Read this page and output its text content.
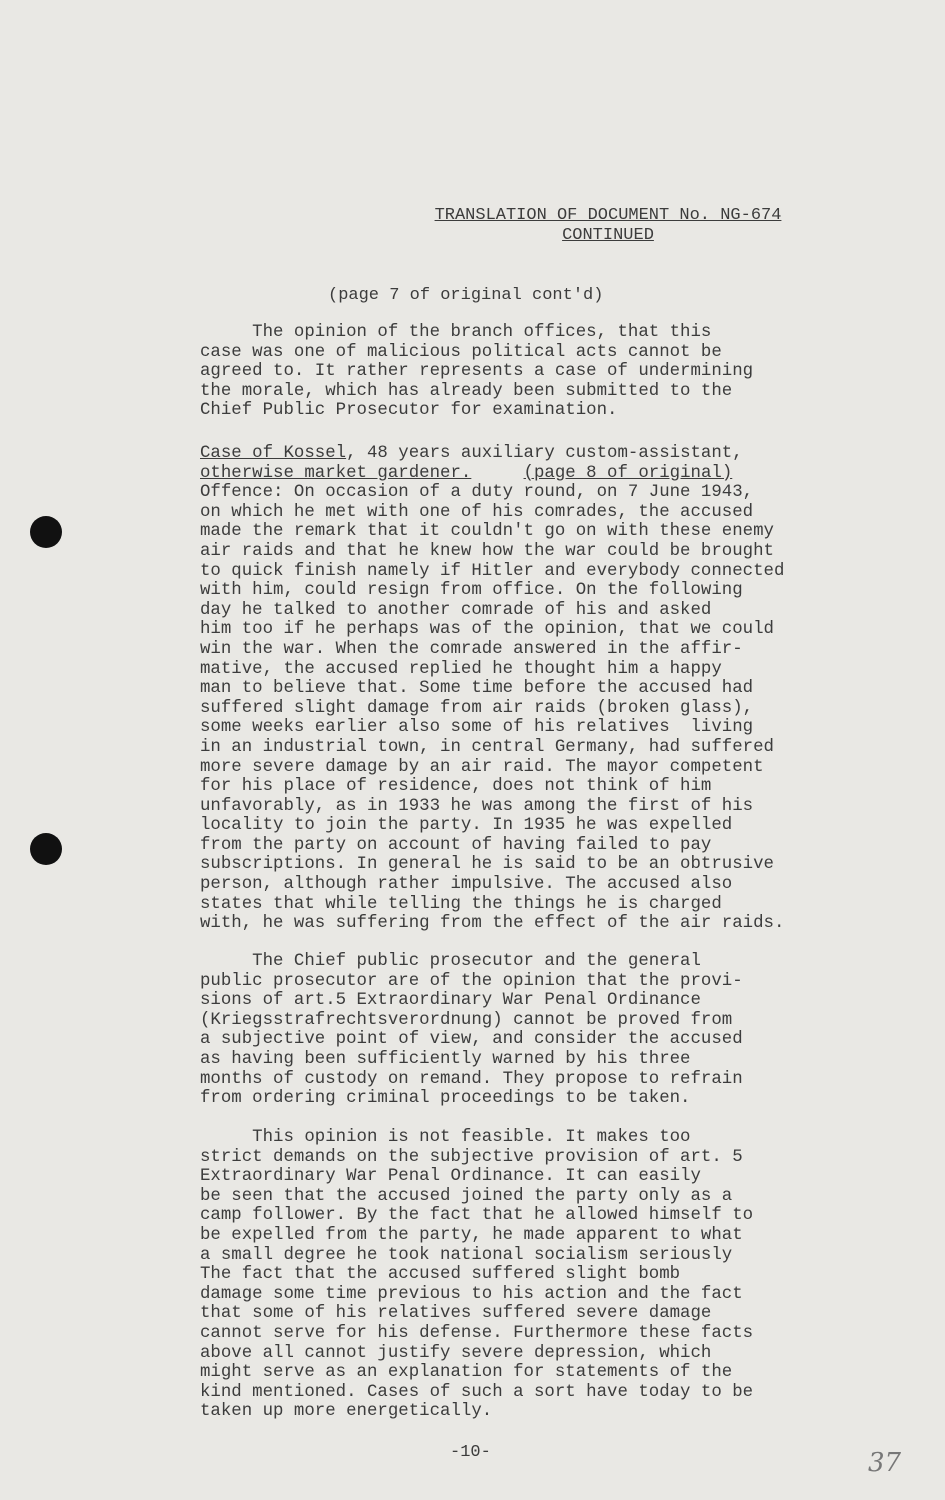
TRANSLATION OF DOCUMENT No. NG-674
CONTINUED
(page 7 of original cont'd)

The opinion of the branch offices, that this
case was one of malicious political acts cannot be
agreed to. It rather represents a case of undermining
the morale, which has already been submitted to the
Chief Public Prosecutor for examination.

Case of Kossel, 48 years auxiliary custom-assistant,
otherwise market gardener.	(page 8 of original)
Offence: On occasion of a duty round, on 7 June 1943,
on which he met with one of his comrades, the accused
made the remark that it couldn't go on with these enemy
air raids and that he knew how the war could be brought
to quick finish namely if Hitler and everybody connected
with him, could resign from office. On the following
day he talked to another comrade of his and asked
him too if he perhaps was of the opinion, that we could
win the war. When the comrade answered in the affir-
mative, the accused replied he thought him a happy
man to believe that. Some time before the accused had
suffered slight damage from air raids (broken glass),
some weeks earlier also some of his relatives  living
in an industrial town, in central Germany, had suffered
more severe damage by an air raid. The mayor competent
for his place of residence, does not think of him
unfavorably, as in 1933 he was among the first of his
locality to join the party. In 1935 he was expelled
from the party on account of having failed to pay
subscriptions. In general he is said to be an obtrusive
person, although rather impulsive. The accused also
states that while telling the things he is charged
with, he was suffering from the effect of the air raids.

The Chief public prosecutor and the general
public prosecutor are of the opinion that the provi-
sions of art.5 Extraordinary War Penal Ordinance
(Kriegsstrafrechtsverordnung) cannot be proved from
a subjective point of view, and consider the accused
as having been sufficiently warned by his three
months of custody on remand. They propose to refrain
from ordering criminal proceedings to be taken.

This opinion is not feasible. It makes too
strict demands on the subjective provision of art. 5
Extraordinary War Penal Ordinance. It can easily
be seen that the accused joined the party only as a
camp follower. By the fact that he allowed himself to
be expelled from the party, he made apparent to what
a small degree he took national socialism seriously
The fact that the accused suffered slight bomb
damage some time previous to his action and the fact
that some of his relatives suffered severe damage
cannot serve for his defense. Furthermore these facts
above all cannot justify severe depression, which
might serve as an explanation for statements of the
kind mentioned. Cases of such a sort have today to be
taken up more energetically.

-10-	37
